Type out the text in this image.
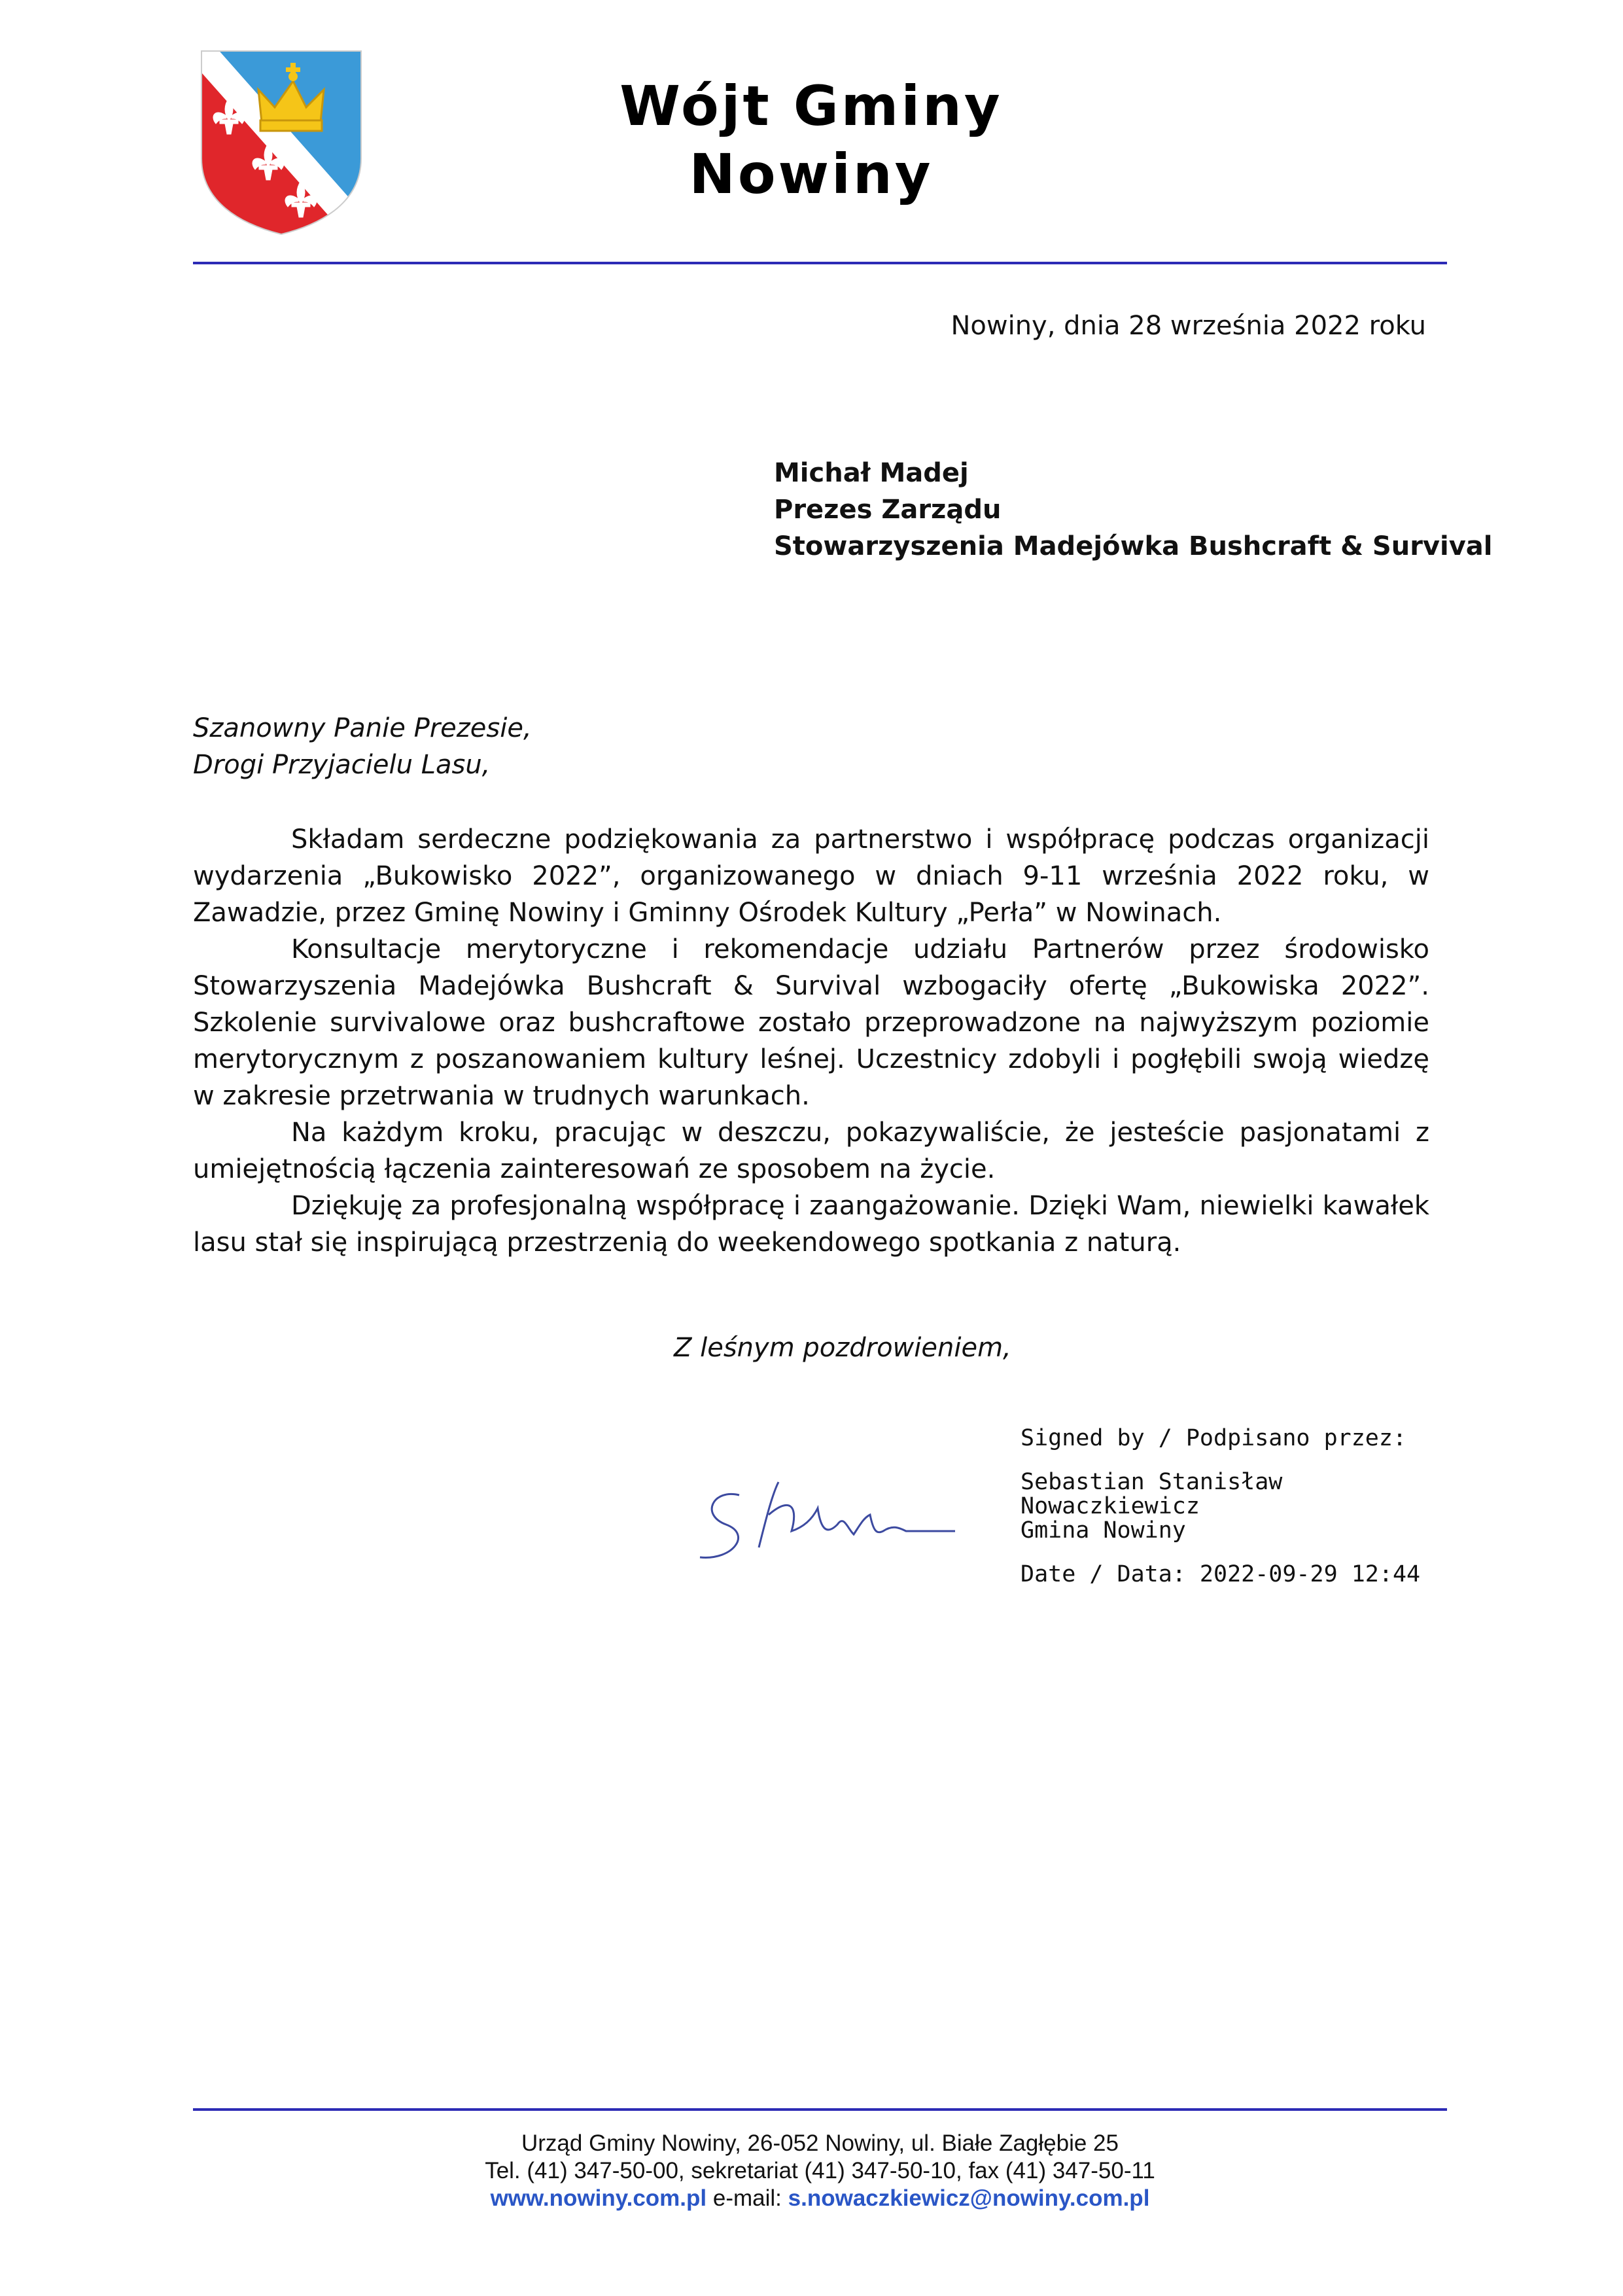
Wójt Gminy
Nowiny
Nowiny, dnia 28 września 2022 roku
Michał Madej
Prezes Zarządu
Stowarzyszenia Madejówka Bushcraft & Survival
Szanowny Panie Prezesie,
Drogi Przyjacielu Lasu,

Składam serdeczne podziękowania za partnerstwo i współpracę podczas organizacji wydarzenia „Bukowisko 2022”, organizowanego w dniach 9-11 września 2022 roku, w Zawadzie, przez Gminę Nowiny i Gminny Ośrodek Kultury „Perła” w Nowinach.

Konsultacje merytoryczne i rekomendacje udziału Partnerów przez środowisko Stowarzyszenia Madejówka Bushcraft & Survival wzbogaciły ofertę „Bukowiska 2022”. Szkolenie survivalowe oraz bushcraftowe zostało przeprowadzone na najwyższym poziomie merytorycznym z poszanowaniem kultury leśnej. Uczestnicy zdobyli i pogłębili swoją wiedzę w zakresie przetrwania w trudnych warunkach.

Na każdym kroku, pracując w deszczu, pokazywaliście, że jesteście pasjonatami z umiejętnością łączenia zainteresowań ze sposobem na życie.

Dziękuję za profesjonalną współpracę i zaangażowanie. Dzięki Wam, niewielki kawałek lasu stał się inspirującą przestrzenią do weekendowego spotkania z naturą.

Z leśnym pozdrowieniem,
Signed by / Podpisano przez:
Sebastian Stanisław
Nowaczkiewicz
Gmina Nowiny
Date / Data: 2022-09-29 12:44
Urząd Gminy Nowiny, 26-052 Nowiny, ul. Białe Zagłębie 25
Tel. (41) 347-50-00, sekretariat (41) 347-50-10, fax (41) 347-50-11
www.nowiny.com.pl e-mail: s.nowaczkiewicz@nowiny.com.pl
